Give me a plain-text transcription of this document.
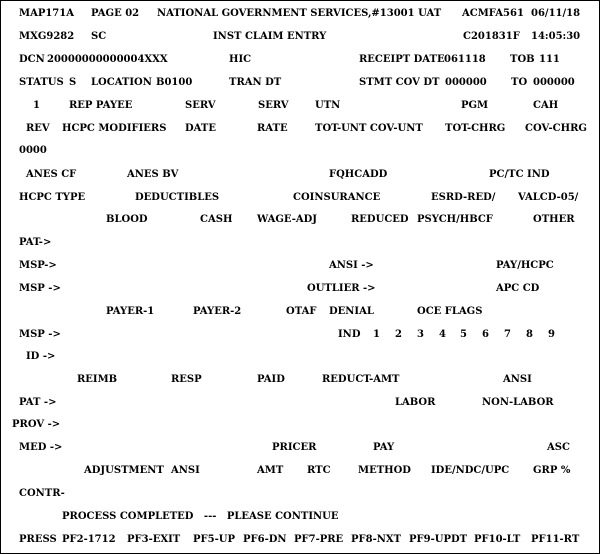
MAP171A PAGE 02 NATIONAL GOVERNMENT SERVICES,#13001 UAT ACMFA561 06/11/18
MXG9282 SC	INST CLAIM ENTRY	C201831F 14:05:30
DCN 20000000000004XXX	HIC	RECEIPT DATE 061118 TOB 111
STATUS S LOCATION B0100	TRAN DT	STMT COV DT 000000 TO 000000
1	REP PAYEE	SERV	SERV	UTN	PGM	CAH
REV HCPC MODIFIERS DATE	RATE	TOT-UNT COV-UNT TOT-CHRG COV-CHRG
0000
ANES CF	ANES BV	FQHCADD	PC/TC IND
HCPC TYPE	DEDUCTIBLES	COINSURANCE	ESRD-RED/ VALCD-05/
BLOOD	CASH WAGE-ADJ	REDUCED PSYCH/HBCF	OTHER
PAT->
MSP->	ANSI ->	PAY/HCPC
MSP ->	OUTLIER ->	APC CD
PAYER-1	PAYER-2	OTAF DENIAL	OCE FLAGS
MSP ->	IND 1 2 3 4 5 6 7 8 9
ID ->
REIMB	RESP	PAID	REDUCT-AMT	ANSI
PAT ->	LABOR	NON-LABOR
PROV ->
MED ->	PRICER	PAY	ASC
ADJUSTMENT ANSI	AMT RTC	METHOD IDE/NDC/UPC GRP %
CONTR-
PROCESS COMPLETED   ---   PLEASE CONTINUE
PRESS PF2-1712 PF3-EXIT PF5-UP PF6-DN PF7-PRE PF8-NXT PF9-UPDT PF10-LT PF11-RT
